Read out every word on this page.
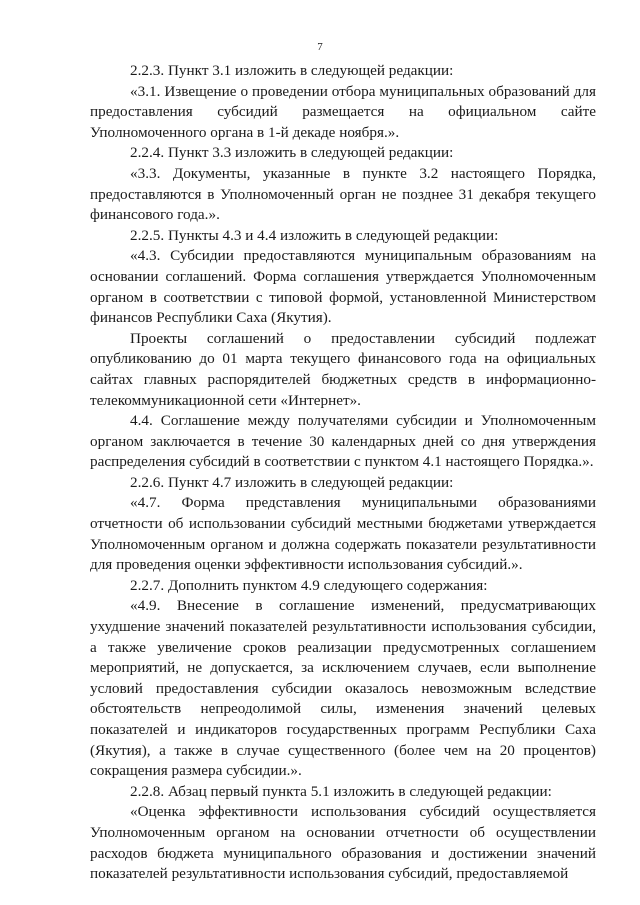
7

2.2.3. Пункт 3.1 изложить в следующей редакции:

«3.1. Извещение о проведении отбора муниципальных образований для предоставления субсидий размещается на официальном сайте Уполномоченного органа в 1-й декаде ноября.».

2.2.4. Пункт 3.3 изложить в следующей редакции:

«3.3. Документы, указанные в пункте 3.2 настоящего Порядка, предоставляются в Уполномоченный орган не позднее 31 декабря текущего финансового года.».

2.2.5. Пункты 4.3 и 4.4 изложить в следующей редакции:

«4.3. Субсидии предоставляются муниципальным образованиям на основании соглашений. Форма соглашения утверждается Уполномоченным органом в соответствии с типовой формой, установленной Министерством финансов Республики Саха (Якутия).

Проекты соглашений о предоставлении субсидий подлежат опубликованию до 01 марта текущего финансового года на официальных сайтах главных распорядителей бюджетных средств в информационно-телекоммуникационной сети «Интернет».

4.4. Соглашение между получателями субсидии и Уполномоченным органом заключается в течение 30 календарных дней со дня утверждения распределения субсидий в соответствии с пунктом 4.1 настоящего Порядка.».

2.2.6. Пункт 4.7 изложить в следующей редакции:

«4.7. Форма представления муниципальными образованиями отчетности об использовании субсидий местными бюджетами утверждается Уполномоченным органом и должна содержать показатели результативности для проведения оценки эффективности использования субсидий.».

2.2.7. Дополнить пунктом 4.9 следующего содержания:

«4.9. Внесение в соглашение изменений, предусматривающих ухудшение значений показателей результативности использования субсидии, а также увеличение сроков реализации предусмотренных соглашением мероприятий, не допускается, за исключением случаев, если выполнение условий предоставления субсидии оказалось невозможным вследствие обстоятельств непреодолимой силы, изменения значений целевых показателей и индикаторов государственных программ Республики Саха (Якутия), а также в случае существенного (более чем на 20 процентов) сокращения размера субсидии.».

2.2.8. Абзац первый пункта 5.1 изложить в следующей редакции:

«Оценка эффективности использования субсидий осуществляется Уполномоченным органом на основании отчетности об осуществлении расходов бюджета муниципального образования и достижении значений показателей результативности использования субсидий, предоставляемой
